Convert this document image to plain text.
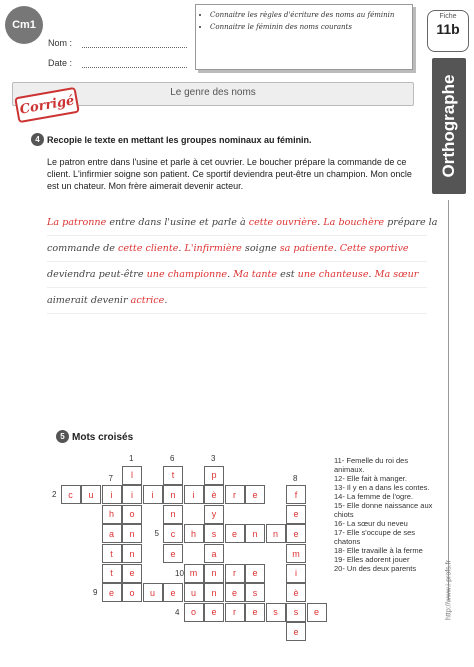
Cm1
Nom :
Date :
• Connaitre les règles d'écriture des noms au féminin
• Connaitre le féminin des noms courants
Fiche
11b
Orthographe
http://www.i-profs.fr
Le genre des noms
Corrigé
4 Recopie le texte en mettant les groupes nominaux au féminin.
Le patron entre dans l'usine et parle à cet ouvrier. Le boucher prépare la commande de ce client. L'infirmier soigne son patient. Ce sportif deviendra peut-être un champion. Mon oncle est un chateur. Mon frère aimerait devenir acteur.
La patronne entre dans l'usine et parle à cette ouvrière. La bouchère prépare la
commande de cette cliente. L'infirmière soigne sa patiente. Cette sportive
deviendra peut-être une championne. Ma tante est une chanteuse. Ma sœur
aimerait devenir actrice.
5 Mots croisés
l
i
o
n
n
e
1
c	u	i	i	n	i	è	r	e
2
p
y
s
a
n
n
e
3
o	r	e	s	s	e
4
c	h	e	n	n	e
5
t
n
e
6
h
a
t
t
e
7
f
e
m
i
è
e
8
o	u	e	u	e	s
9
m	r	e
10
11- Femelle du roi des animaux.
12- Elle fait à manger.
13- Il y en a dans les contes.
14- La femme de l'ogre.
15- Elle donne naissance aux chiots
16- La sœur du neveu
17- Elle s'occupe de ses chatons
18- Elle travaille à la ferme
19- Elles adorent jouer
20- Un des deux parents
